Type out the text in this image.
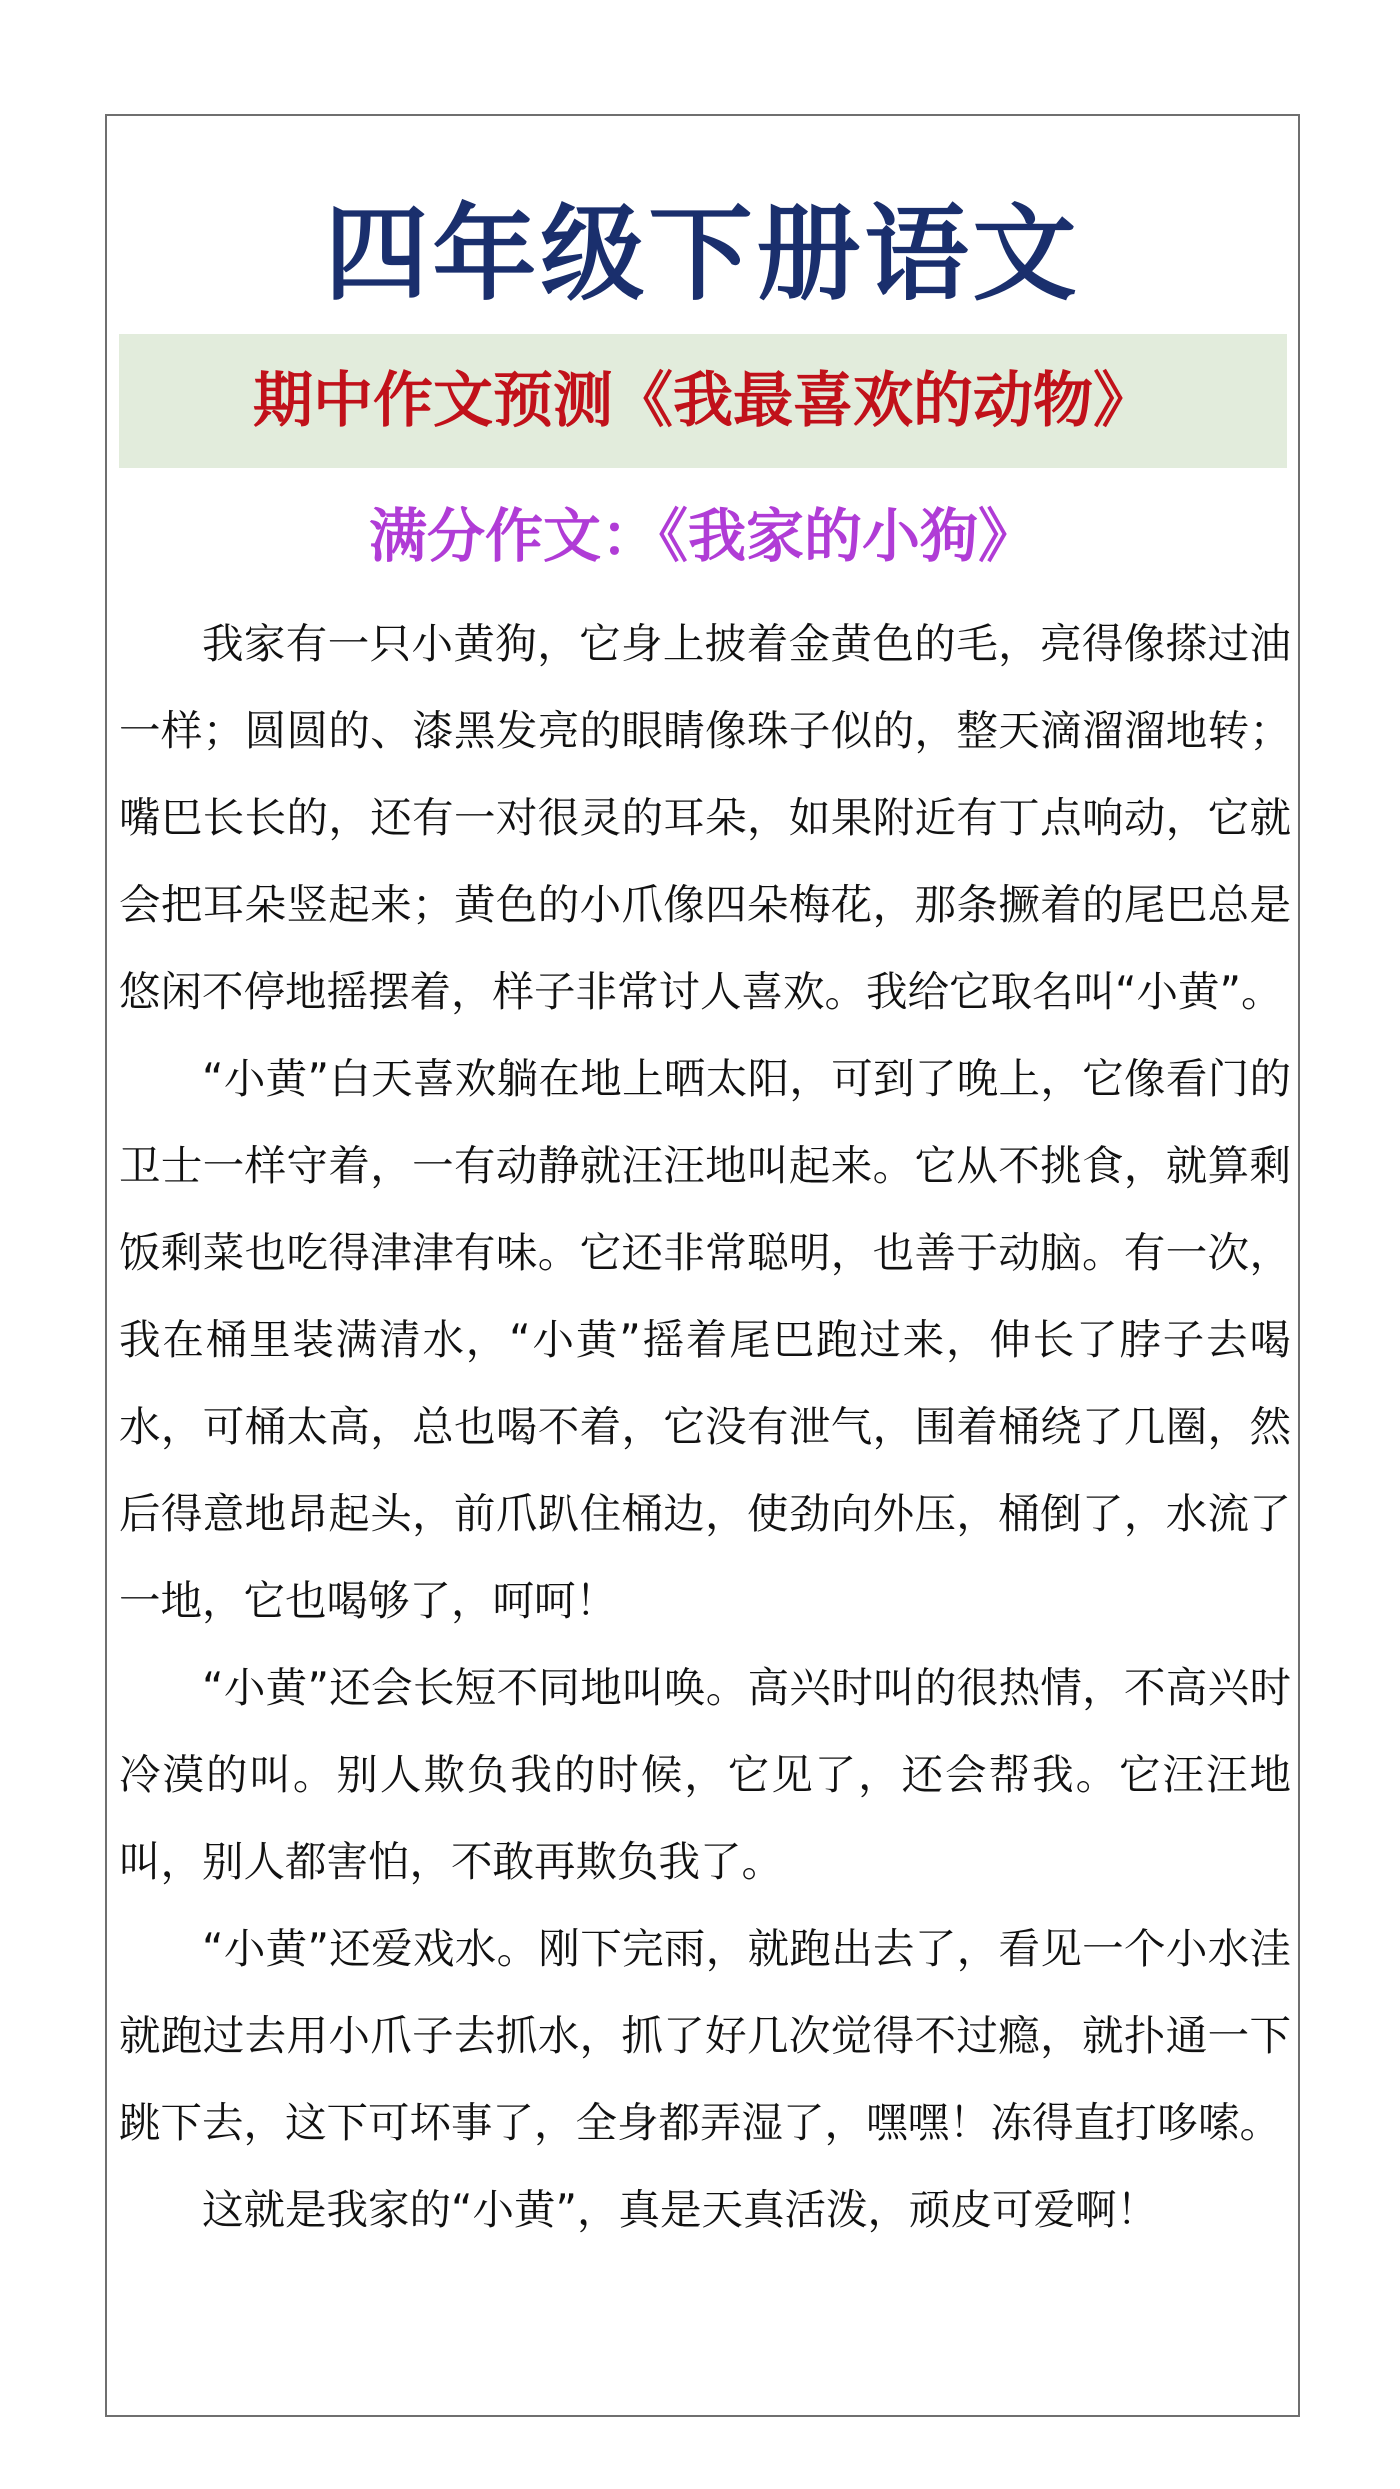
四年级下册语文
期中作文预测《我最喜欢的动物》
满分作文：《我家的小狗》

我家有一只小黄狗，它身上披着金黄色的毛，亮得像搽过油一样；圆圆的、漆黑发亮的眼睛像珠子似的，整天滴溜溜地转；嘴巴长长的，还有一对很灵的耳朵，如果附近有丁点响动，它就会把耳朵竖起来；黄色的小爪像四朵梅花，那条撅着的尾巴总是悠闲不停地摇摆着，样子非常讨人喜欢。我给它取名叫“小黄”。

“小黄”白天喜欢躺在地上晒太阳，可到了晚上，它像看门的卫士一样守着，一有动静就汪汪地叫起来。它从不挑食，就算剩饭剩菜也吃得津津有味。它还非常聪明，也善于动脑。有一次，我在桶里装满清水，“小黄”摇着尾巴跑过来，伸长了脖子去喝水，可桶太高，总也喝不着，它没有泄气，围着桶绕了几圈，然后得意地昂起头，前爪趴住桶边，使劲向外压，桶倒了，水流了一地，它也喝够了，呵呵！

“小黄”还会长短不同地叫唤。高兴时叫的很热情，不高兴时冷漠的叫。别人欺负我的时候，它见了，还会帮我。它汪汪地叫，别人都害怕，不敢再欺负我了。

“小黄”还爱戏水。刚下完雨，就跑出去了，看见一个小水洼就跑过去用小爪子去抓水，抓了好几次觉得不过瘾，就扑通一下跳下去，这下可坏事了，全身都弄湿了，嘿嘿！冻得直打哆嗦。

这就是我家的“小黄”，真是天真活泼，顽皮可爱啊！
